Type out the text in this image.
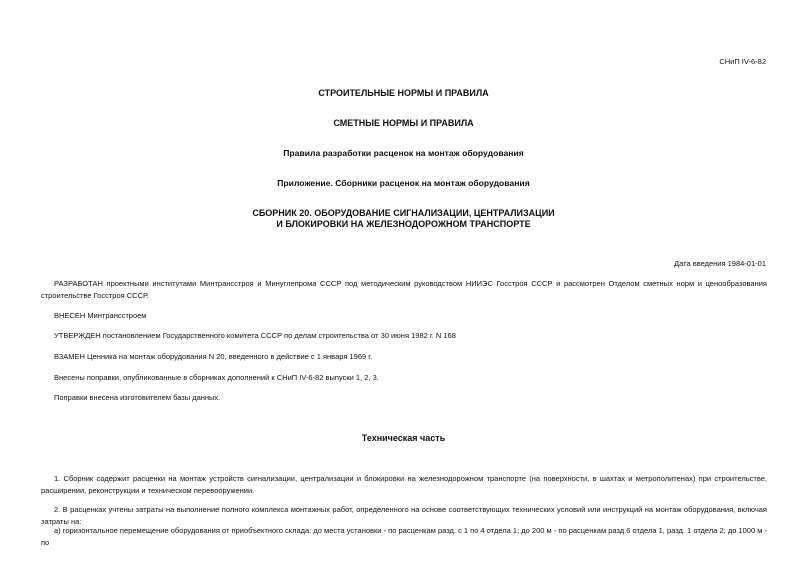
СНиП IV-6-82
СТРОИТЕЛЬНЫЕ НОРМЫ И ПРАВИЛА
СМЕТНЫЕ НОРМЫ И ПРАВИЛА
Правила разработки расценок на монтаж оборудования
Приложение. Сборники расценок на монтаж оборудования
СБОРНИК 20. ОБОРУДОВАНИЕ СИГНАЛИЗАЦИИ, ЦЕНТРАЛИЗАЦИИ
И БЛОКИРОВКИ НА ЖЕЛЕЗНОДОРОЖНОМ ТРАНСПОРТЕ
Дата введения 1984-01-01
РАЗРАБОТАН проектными институтами Минтрансстроя и Минуглепрома СССР под методическим руководством НИИЭС Госстроя СССР и рассмотрен Отделом сметных норм и ценообразования строительстве Госстроя СССР.
ВНЕСЕН Минтрансстроем
УТВЕРЖДЕН постановлением Государственного комитета СССР по делам строительства от 30 июня 1982 г. N 168
ВЗАМЕН Ценника на монтаж оборудования N 20, введенного в действие с 1 января 1969 г.
Внесены поправки, опубликованные в сборниках дополнений к СНиП IV-6-82 выпуски 1, 2, 3.
Поправки внесена изготовителем базы данных.
Техническая часть
1. Сборник содержит расценки на монтаж устройств сигнализации, централизации и блокировки на железнодорожном транспорте (на поверхности, в шахтах и метрополитенах) при строительстве, расширении, реконструкции и техническом перевооружении.
2. В расценках учтены затраты на выполнение полного комплекса монтажных работ, определенного на основе соответствующих технических условий или инструкций на монтаж оборудования, включая затраты на:
а) горизонтальное перемещение оборудования от приобъектного склада: до места установки - по расценкам разд. с 1 по 4 отдела 1; до 200 м - по расценкам разд.6 отдела 1, разд. 1 отдела 2; до 1000 м - по
